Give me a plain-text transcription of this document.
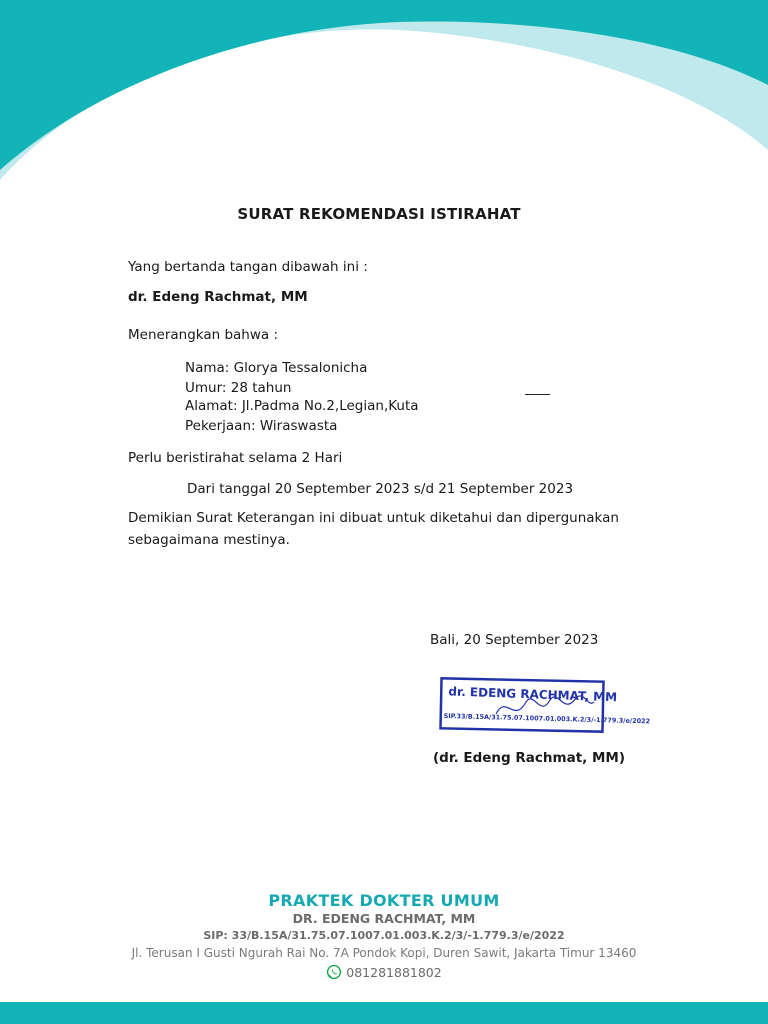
SURAT REKOMENDASI ISTIRAHAT
Yang bertanda tangan dibawah ini :
dr. Edeng Rachmat, MM
Menerangkan bahwa :
Nama: Glorya Tessalonicha
Umur: 28 tahun
Alamat: Jl.Padma No.2,Legian,Kuta
Pekerjaan: Wiraswasta
Perlu beristirahat selama 2 Hari
Dari tanggal 20 September 2023 s/d 21 September 2023
Demikian Surat Keterangan ini dibuat untuk diketahui dan dipergunakan
sebagaimana mestinya.
Bali, 20 September 2023
dr. EDENG RACHMAT, MM
SIP.33/B.15A/31.75.07.1007.01.003.K.2/3/-1.779.3/e/2022
(dr. Edeng Rachmat, MM)
PRAKTEK DOKTER UMUM
DR. EDENG RACHMAT, MM
SIP: 33/B.15A/31.75.07.1007.01.003.K.2/3/-1.779.3/e/2022
Jl. Terusan I Gusti Ngurah Rai No. 7A Pondok Kopi, Duren Sawit, Jakarta Timur 13460
081281881802
